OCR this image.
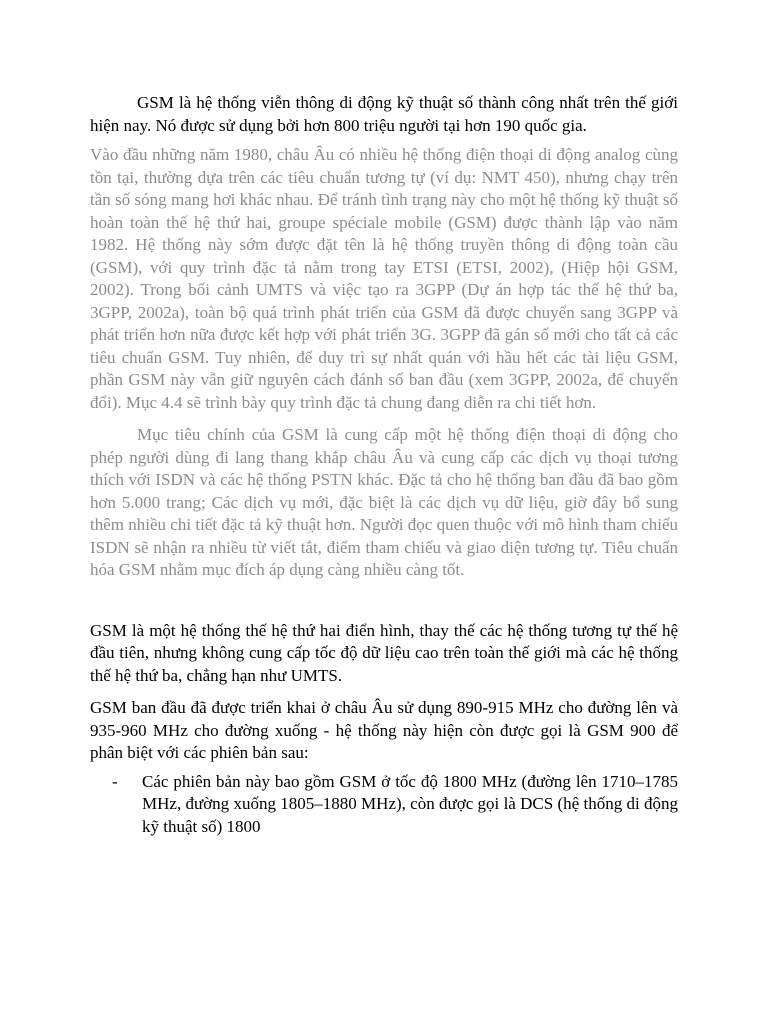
GSM là hệ thống viễn thông di động kỹ thuật số thành công nhất trên thế giới hiện nay. Nó được sử dụng bởi hơn 800 triệu người tại hơn 190 quốc gia.

Vào đầu những năm 1980, châu Âu có nhiều hệ thống điện thoại di động analog cùng tồn tại, thường dựa trên các tiêu chuẩn tương tự (ví dụ: NMT 450), nhưng chạy trên tần số sóng mang hơi khác nhau. Để tránh tình trạng này cho một hệ thống kỹ thuật số hoàn toàn thế hệ thứ hai, groupe spéciale mobile (GSM) được thành lập vào năm 1982. Hệ thống này sớm được đặt tên là hệ thống truyền thông di động toàn cầu (GSM), với quy trình đặc tả nằm trong tay ETSI (ETSI, 2002), (Hiệp hội GSM, 2002). Trong bối cảnh UMTS và việc tạo ra 3GPP (Dự án hợp tác thế hệ thứ ba, 3GPP, 2002a), toàn bộ quá trình phát triển của GSM đã được chuyển sang 3GPP và phát triển hơn nữa được kết hợp với phát triển 3G. 3GPP đã gán số mới cho tất cả các tiêu chuẩn GSM. Tuy nhiên, để duy trì sự nhất quán với hầu hết các tài liệu GSM, phần GSM này vẫn giữ nguyên cách đánh số ban đầu (xem 3GPP, 2002a, để chuyển đổi). Mục 4.4 sẽ trình bày quy trình đặc tả chung đang diễn ra chi tiết hơn.

Mục tiêu chính của GSM là cung cấp một hệ thống điện thoại di động cho phép người dùng đi lang thang khắp châu Âu và cung cấp các dịch vụ thoại tương thích với ISDN và các hệ thống PSTN khác. Đặc tả cho hệ thống ban đầu đã bao gồm hơn 5.000 trang; Các dịch vụ mới, đặc biệt là các dịch vụ dữ liệu, giờ đây bổ sung thêm nhiều chi tiết đặc tả kỹ thuật hơn. Người đọc quen thuộc với mô hình tham chiếu ISDN sẽ nhận ra nhiều từ viết tắt, điểm tham chiếu và giao diện tương tự. Tiêu chuẩn hóa GSM nhằm mục đích áp dụng càng nhiều càng tốt.

GSM là một hệ thống thế hệ thứ hai điển hình, thay thế các hệ thống tương tự thế hệ đầu tiên, nhưng không cung cấp tốc độ dữ liệu cao trên toàn thế giới mà các hệ thống thế hệ thứ ba, chẳng hạn như UMTS.

GSM ban đầu đã được triển khai ở châu Âu sử dụng 890-915 MHz cho đường lên và 935-960 MHz cho đường xuống - hệ thống này hiện còn được gọi là GSM 900 để phân biệt với các phiên bản sau:

-	Các phiên bản này bao gồm GSM ở tốc độ 1800 MHz (đường lên 1710–1785 MHz, đường xuống 1805–1880 MHz), còn được gọi là DCS (hệ thống di động kỹ thuật số) 1800
